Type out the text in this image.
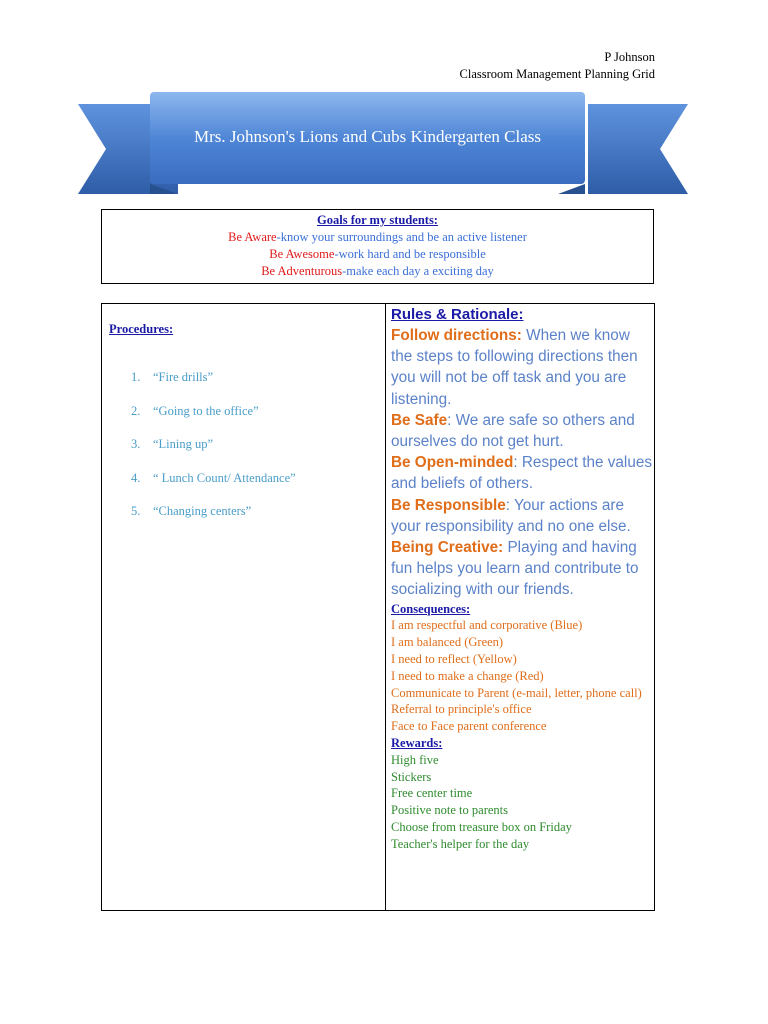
P Johnson
Classroom Management Planning Grid
Mrs. Johnson's Lions and Cubs Kindergarten Class
Goals for my students:
Be Aware-know your surroundings and be an active listener
Be Awesome-work hard and be responsible
Be Adventurous-make each day a exciting day
Procedures:
1.	“Fire drills”
2.	“Going to the office”
3.	“Lining up”
4.	“ Lunch Count/ Attendance”
5.	“Changing centers”
Rules & Rationale:
Follow directions: When we know the steps to following directions then you will not be off task and you are listening.
Be Safe: We are safe so others and ourselves do not get hurt.
Be Open-minded: Respect the values and beliefs of others.
Be Responsible: Your actions are your responsibility and no one else.
Being Creative: Playing and having fun helps you learn and contribute to socializing with our friends.
Consequences:
I am respectful and corporative (Blue)
I am balanced (Green)
I need to reflect (Yellow)
I need to make a change (Red)
Communicate to Parent (e-mail, letter, phone call)
Referral to principle's office
Face to Face parent conference
Rewards:
High five
Stickers
Free center time
Positive note to parents
Choose from treasure box on Friday
Teacher's helper for the day
